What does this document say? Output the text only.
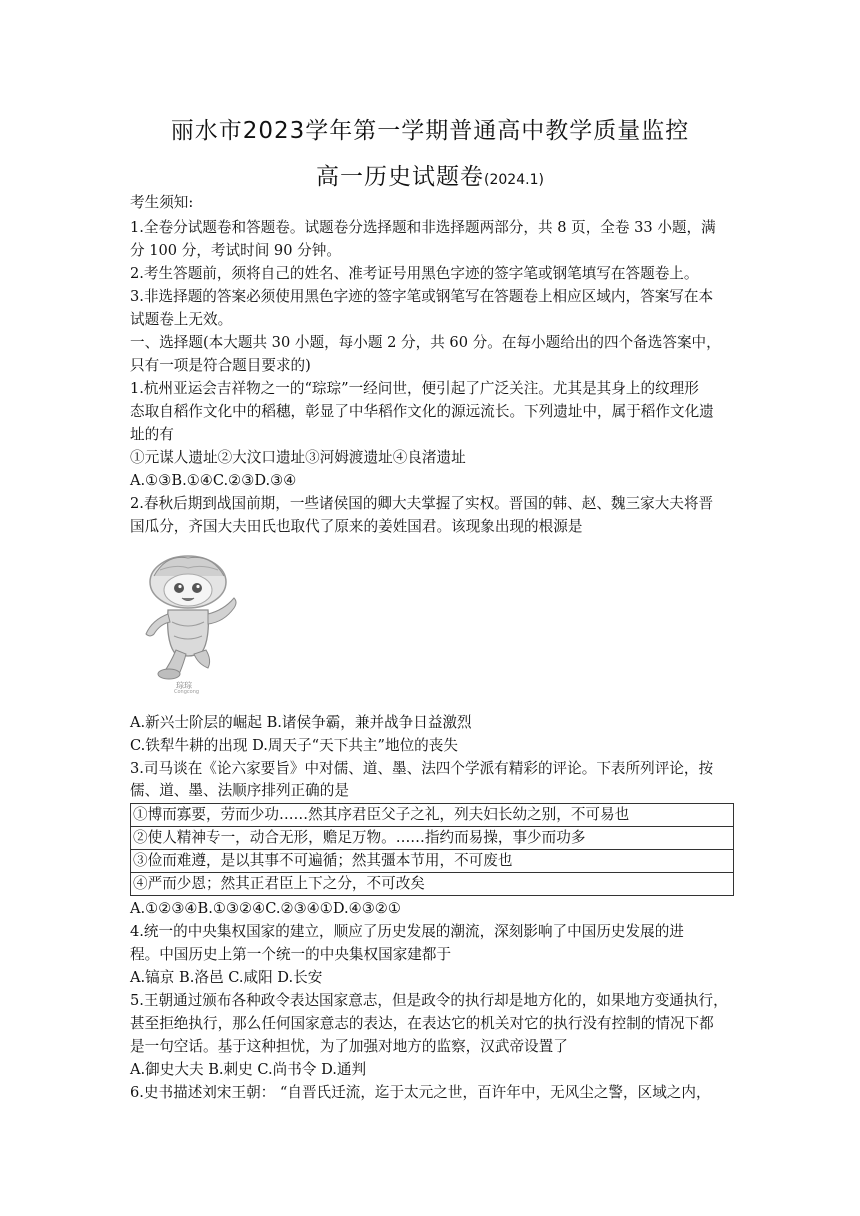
丽水市2023学年第一学期普通高中教学质量监控
高一历史试题卷(2024.1)
考生须知:
1.全卷分试题卷和答题卷。试题卷分选择题和非选择题两部分，共 8 页，全卷 33 小题，满
分 100 分，考试时间 90 分钟。
2.考生答题前，须将自己的姓名、准考证号用黑色字迹的签字笔或钢笔填写在答题卷上。
3.非选择题的答案必须使用黑色字迹的签字笔或钢笔写在答题卷上相应区域内，答案写在本
试题卷上无效。
一、选择题(本大题共 30 小题，每小题 2 分，共 60 分。在每小题给出的四个备选答案中，
只有一项是符合题目要求的)
1.杭州亚运会吉祥物之一的“琮琮”一经问世，便引起了广泛关注。尤其是其身上的纹理形
态取自稻作文化中的稻穗，彰显了中华稻作文化的源远流长。下列遗址中，属于稻作文化遗
址的有
①元谋人遗址②大汶口遗址③河姆渡遗址④良渚遗址
A.①③B.①④C.②③D.③④
2.春秋后期到战国前期，一些诸侯国的卿大夫掌握了实权。晋国的韩、赵、魏三家大夫将晋
国瓜分，齐国大夫田氏也取代了原来的姜姓国君。该现象出现的根源是
琮琮
Congcong
A.新兴士阶层的崛起 B.诸侯争霸，兼并战争日益激烈
C.铁犁牛耕的出现 D.周天子“天下共主”地位的丧失
3.司马谈在《论六家要旨》中对儒、道、墨、法四个学派有精彩的评论。下表所列评论，按
儒、道、墨、法顺序排列正确的是
①博而寡要，劳而少功……然其序君臣父子之礼，列夫妇长幼之别，不可易也
②使人精神专一，动合无形，赡足万物。……指约而易操，事少而功多
③俭而难遵，是以其事不可遍循；然其彊本节用，不可废也
④严而少恩；然其正君臣上下之分，不可改矣
A.①②③④B.①③②④C.②③④①D.④③②①
4.统一的中央集权国家的建立，顺应了历史发展的潮流，深刻影响了中国历史发展的进
程。中国历史上第一个统一的中央集权国家建都于
A.镐京 B.洛邑 C.咸阳 D.长安
5.王朝通过颁布各种政令表达国家意志，但是政令的执行却是地方化的，如果地方变通执行，
甚至拒绝执行，那么任何国家意志的表达，在表达它的机关对它的执行没有控制的情况下都
是一句空话。基于这种担忧，为了加强对地方的监察，汉武帝设置了
A.御史大夫 B.刺史 C.尚书令 D.通判
6.史书描述刘宋王朝： “自晋氏迁流，迄于太元之世，百许年中，无风尘之警，区域之内，
